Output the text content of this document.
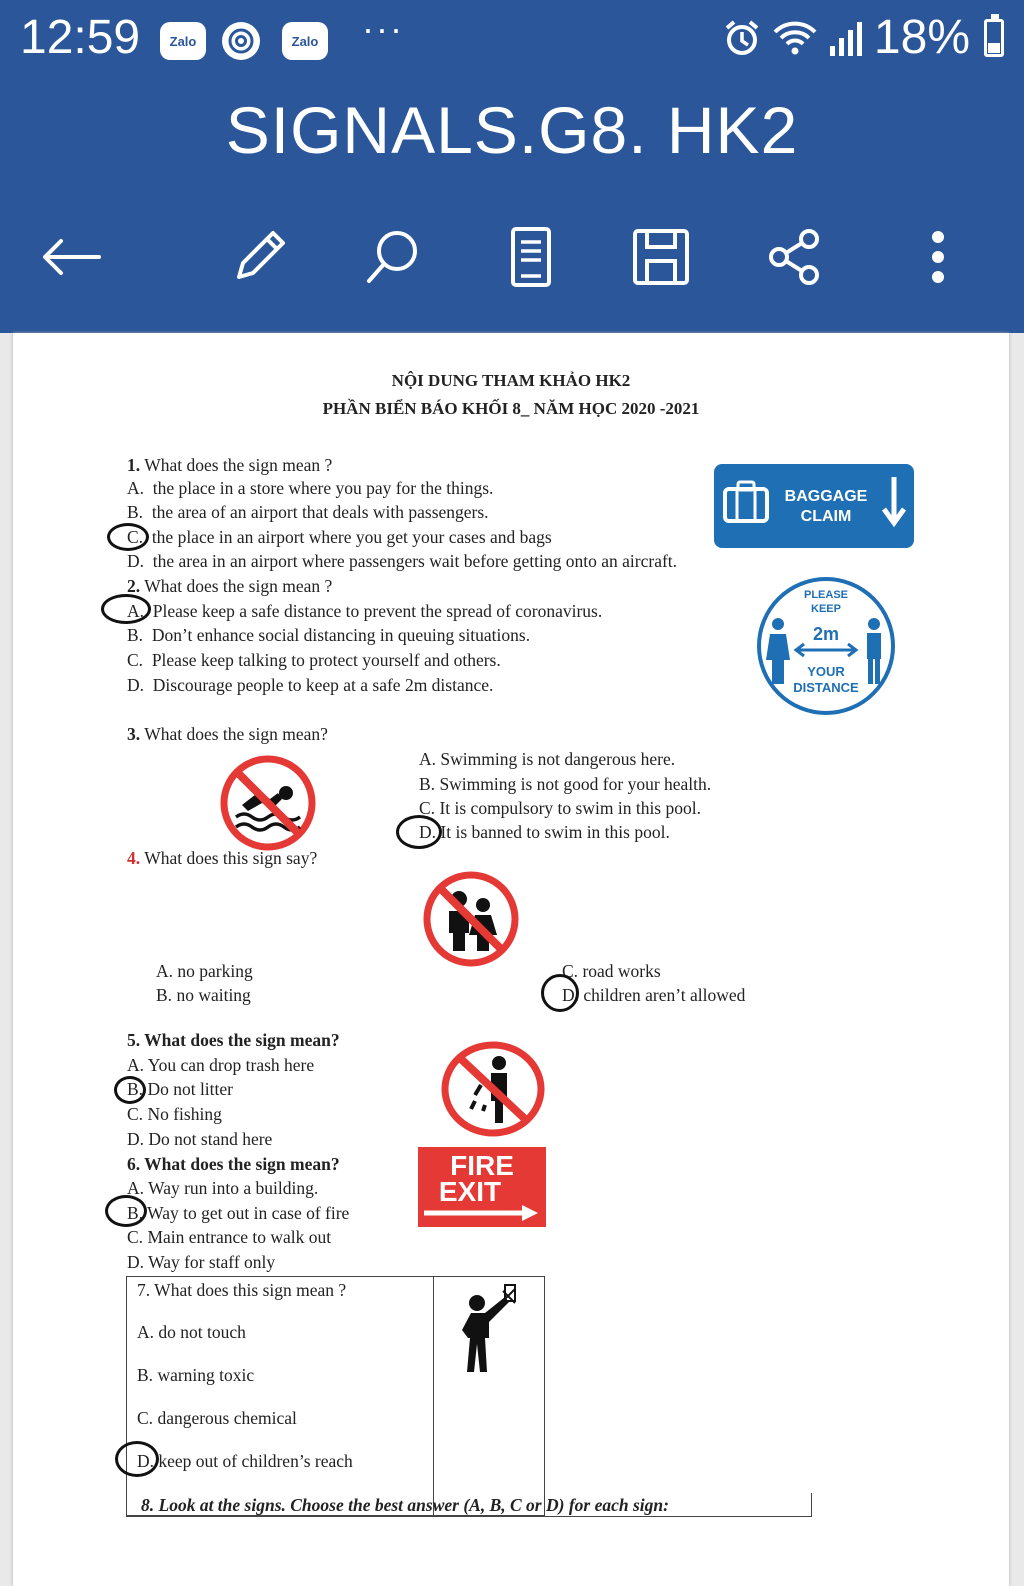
12:59	Zalo	Zalo ···	18%
SIGNALS.G8. HK2
NỘI DUNG THAM KHẢO HK2
PHẦN BIỂN BÁO KHỐI 8_ NĂM HỌC 2020 -2021
1. What does the sign mean ?
A. the place in a store where you pay for the things.
B. the area of an airport that deals with passengers.
C. the place in an airport where you get your cases and bags
D. the area in an airport where passengers wait before getting onto an aircraft.
BAGGAGE
CLAIM
2. What does the sign mean ?
A. Please keep a safe distance to prevent the spread of coronavirus.
B. Don’t enhance social distancing in queuing situations.
C. Please keep talking to protect yourself and others.
D. Discourage people to keep at a safe 2m distance.
PLEASE
KEEP
2m
YOUR
DISTANCE
3. What does the sign mean?
A. Swimming is not dangerous here.
B. Swimming is not good for your health.
C. It is compulsory to swim in this pool.
D. It is banned to swim in this pool.
4. What does this sign say?
A. no parking
B. no waiting
C. road works
D. children aren’t allowed
5. What does the sign mean?
A. You can drop trash here
B. Do not litter
C. No fishing
D. Do not stand here
6. What does the sign mean?
A. Way run into a building.
B. Way to get out in case of fire
C. Main entrance to walk out
D. Way for staff only
FIRE
EXIT
7. What does this sign mean ?
A. do not touch
B. warning toxic
C. dangerous chemical
D. keep out of children’s reach
8. Look at the signs. Choose the best answer (A, B, C or D) for each sign:
